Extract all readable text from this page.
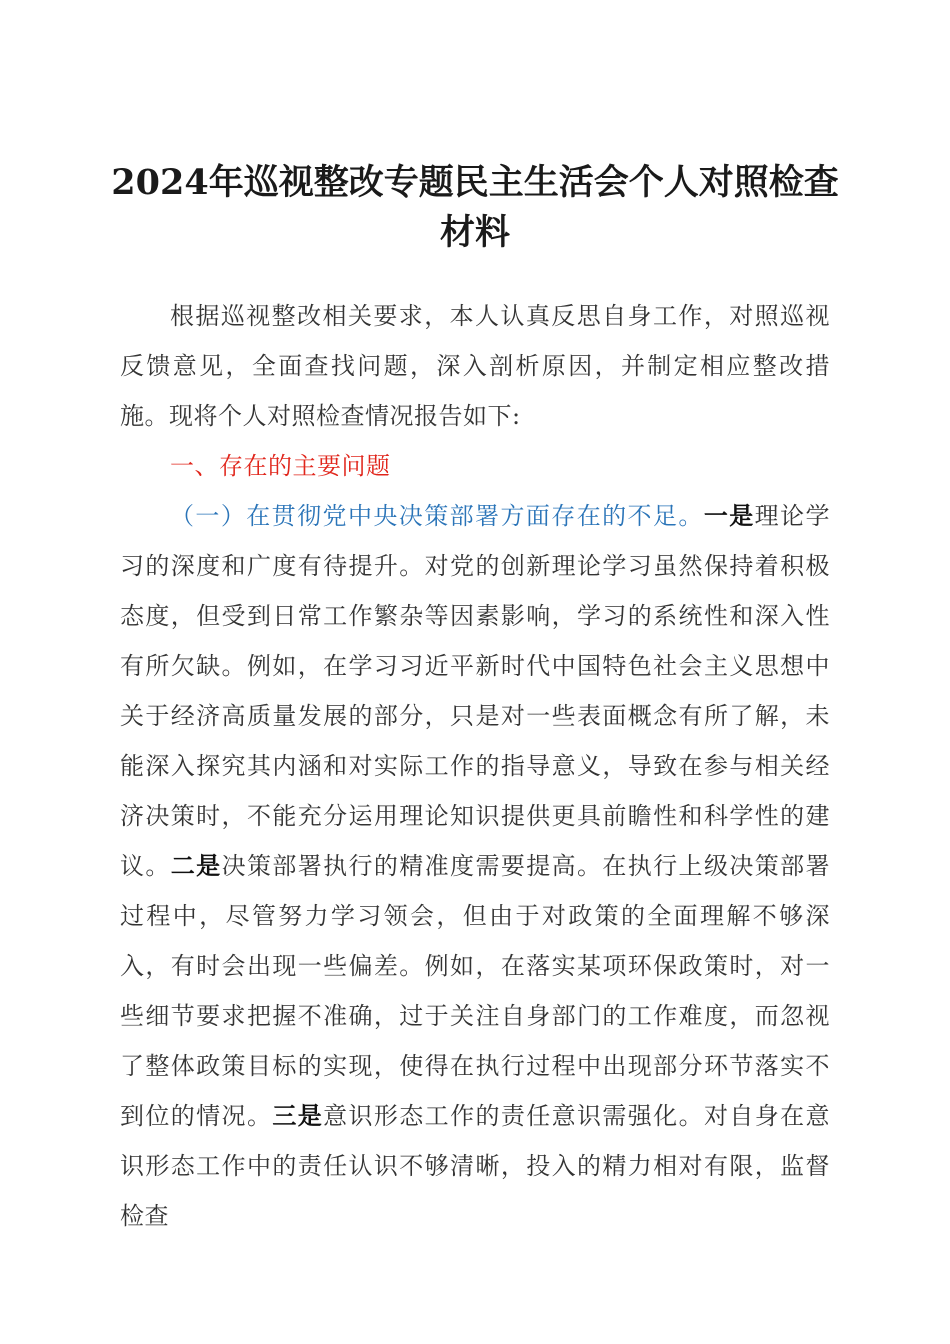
2024年巡视整改专题民主生活会个人对照检查
材料

根据巡视整改相关要求，本人认真反思自身工作，对照巡视反馈意见，全面查找问题，深入剖析原因，并制定相应整改措施。现将个人对照检查情况报告如下:

一、存在的主要问题

（一）在贯彻党中央决策部署方面存在的不足。一是理论学习的深度和广度有待提升。对党的创新理论学习虽然保持着积极态度，但受到日常工作繁杂等因素影响，学习的系统性和深入性有所欠缺。例如，在学习习近平新时代中国特色社会主义思想中关于经济高质量发展的部分，只是对一些表面概念有所了解，未能深入探究其内涵和对实际工作的指导意义，导致在参与相关经济决策时，不能充分运用理论知识提供更具前瞻性和科学性的建议。二是决策部署执行的精准度需要提高。在执行上级决策部署过程中，尽管努力学习领会，但由于对政策的全面理解不够深入，有时会出现一些偏差。例如，在落实某项环保政策时，对一些细节要求把握不准确，过于关注自身部门的工作难度，而忽视了整体政策目标的实现，使得在执行过程中出现部分环节落实不到位的情况。三是意识形态工作的责任意识需强化。对自身在意识形态工作中的责任认识不够清晰，投入的精力相对有限，监督检查
